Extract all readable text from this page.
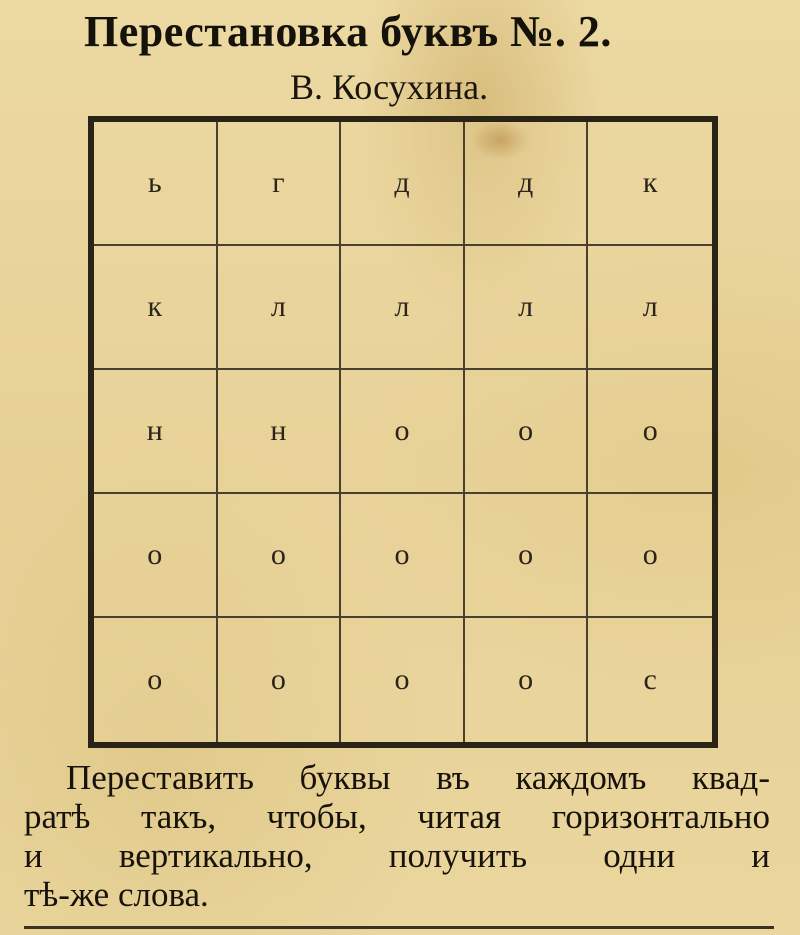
Перестановка буквъ №. 2.
В. Косухина.
ь	г	д	д	к
к	л	л	л	л
н	н	о	о	о
о	о	о	о	о
о	о	о	о	с
Переставить буквы въ каждомъ квад-
ратѣ такъ, чтобы, читая горизонтально
и вертикально, получить одни и
тѣ-же слова.
